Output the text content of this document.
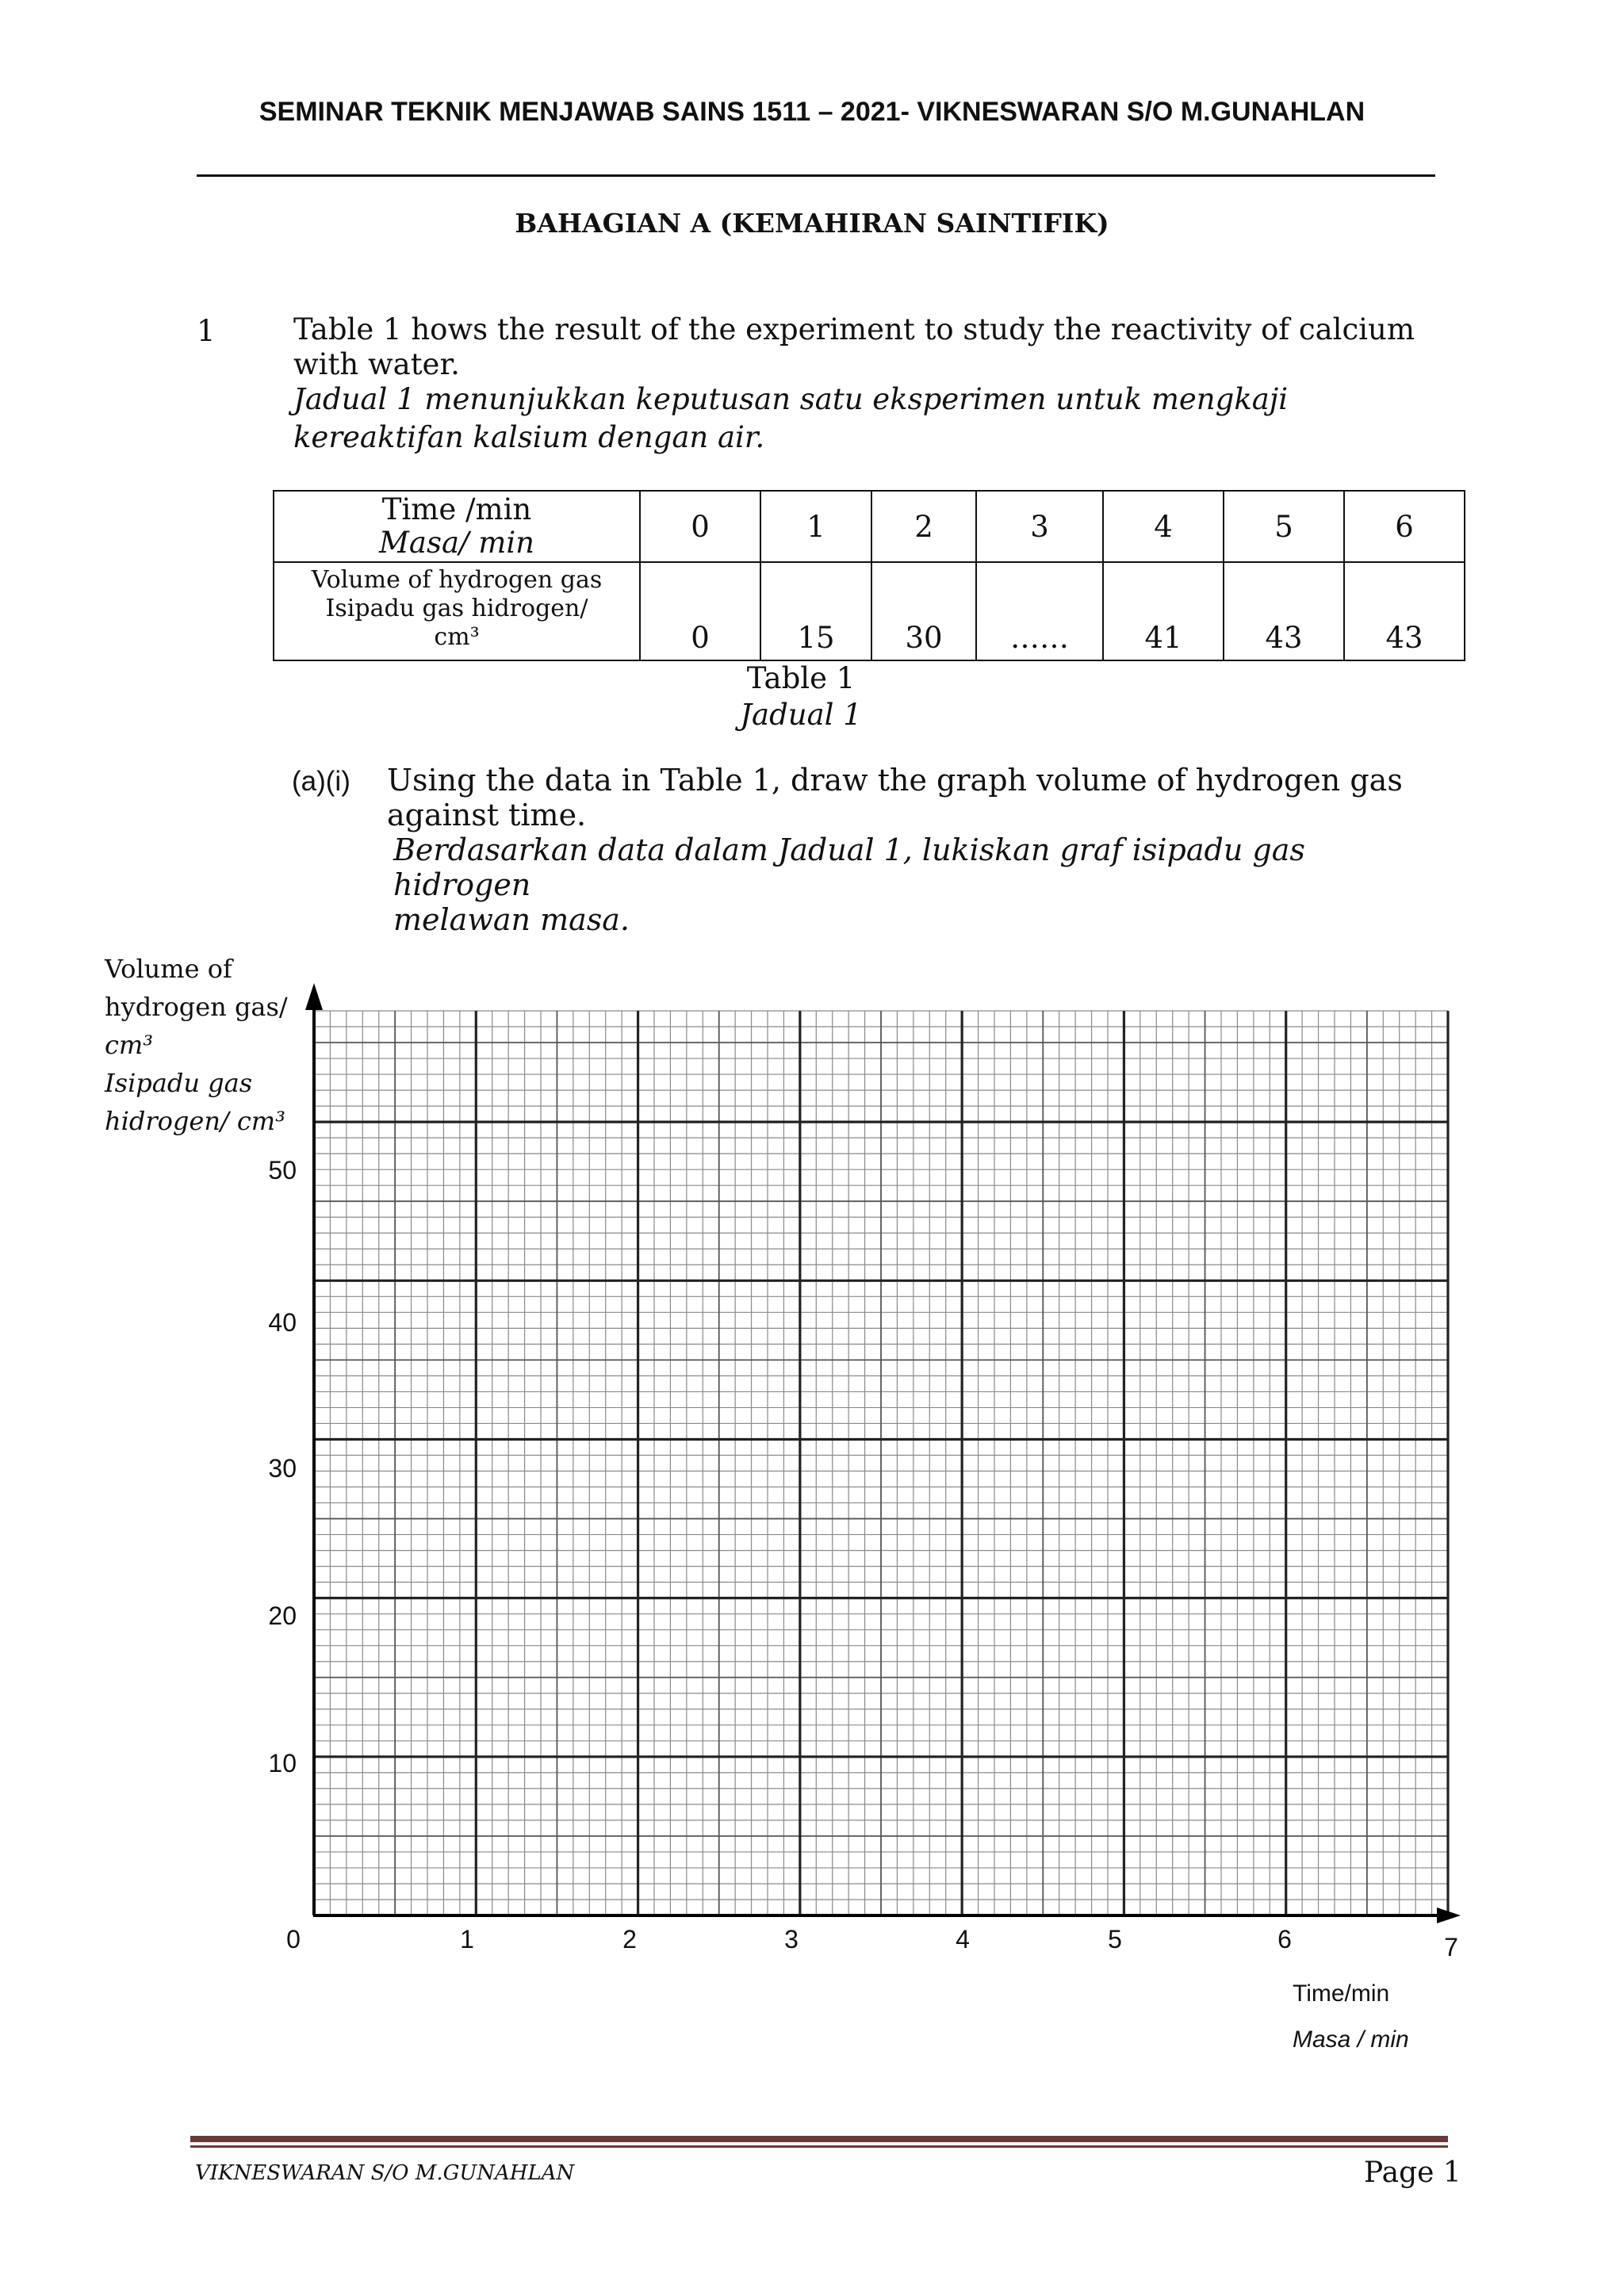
SEMINAR TEKNIK MENJAWAB SAINS 1511 – 2021- VIKNESWARAN S/O M.GUNAHLAN
BAHAGIAN A (KEMAHIRAN SAINTIFIK)
1	Table 1 hows the result of the experiment to study the reactivity of calcium
with water.
Jadual 1 menunjukkan keputusan satu eksperimen untuk mengkaji
kereaktifan kalsium dengan air.
Time /min
Masa/ min	0	1	2	3	4	5	6

Volume of hydrogen gas
Isipadu gas hidrogen/
cm³	0	15	30	……	41	43	43
Table 1
Jadual 1
(a)(i) Using the data in Table 1, draw the graph volume of hydrogen gas
against time.
Berdasarkan data dalam Jadual 1, lukiskan graf isipadu gas hidrogen
melawan masa.
Volume of
hydrogen gas/
cm³
Isipadu gas
hidrogen/ cm³
50
40
30
20
10
0	1	2	3	4	5	6	7
Time/min
Masa / min
VIKNESWARAN S/O M.GUNAHLAN	Page 1
